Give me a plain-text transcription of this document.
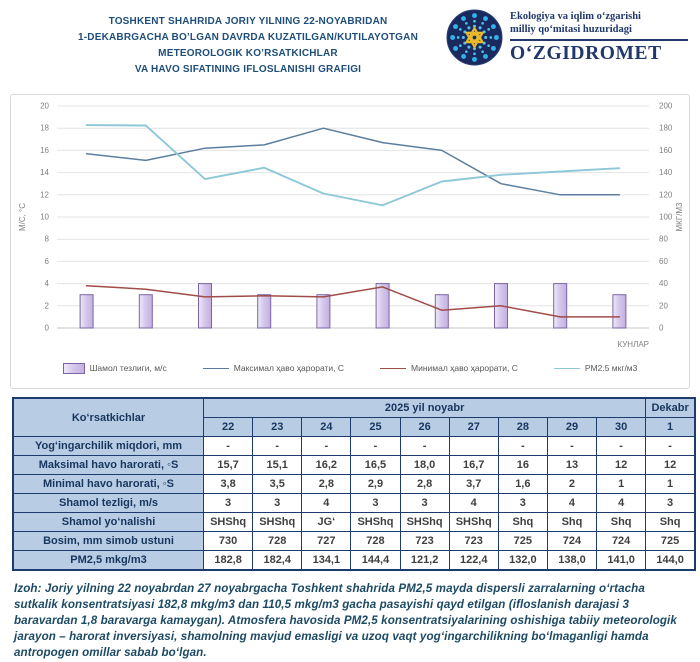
TOSHKENT SHAHRIDA JORIY YILNING 22-NOYABRIDAN
1-DEKABRGACHA BO’LGAN DAVRDA KUZATILGAN/KUTILAYOTGAN
METEOROLOGIK KO’RSATKICHLAR
VA HAVO SIFATINING IFLOSLANISHI GRAFIGI
Ekologiya va iqlim o‘zgarishi
milliy qo‘mitasi huzuridagi
O‘ZGIDROMET
0
2
4
6
8
10
12
14
16
18
20
0
20
40
60
80
100
120
140
160
180
200
М/С, °С	МКГ/М3
КУНЛАР
Шамол тезлиги, м/с	Максимал ҳаво ҳарорати, С	Минимал ҳаво ҳарорати, С	PM2.5 мкг/м3
Ko‘rsatkichlar	2025 yil noyabr									Dekabr
	22	23	24	25	26	27	28	29	30	1
Yog‘ingarchilik miqdori, mm	-	-	-	-	-		-	-	-	-
Maksimal havo harorati, ◦S	15,7	15,1	16,2	16,5	18,0	16,7	16	13	12	12
Minimal havo harorati, ◦S	3,8	3,5	2,8	2,9	2,8	3,7	1,6	2	1	1
Shamol tezligi, m/s	3	3	4	3	3	4	3	4	4	3
Shamol yo‘nalishi	SHShq	SHShq	JG‘	SHShq	SHShq	SHShq	Shq	Shq	Shq	Shq
Bosim, mm simob ustuni	730	728	727	728	723	723	725	724	724	725
PM2,5 mkg/m3	182,8	182,4	134,1	144,4	121,2	122,4	132,0	138,0	141,0	144,0
Izoh: Joriy yilning 22 noyabrdan 27 noyabrgacha Toshkent shahrida PM2,5 mayda dispersli zarralarning o‘rtacha sutkalik konsentratsiyasi 182,8 mkg/m3 dan 110,5 mkg/m3 gacha pasayishi qayd etilgan (ifloslanish darajasi 3 baravardan 1,8 baravarga kamaygan). Atmosfera havosida PM2,5 konsentratsiyalarining oshishiga tabiiy meteorologik jarayon – harorat inversiyasi, shamolning mavjud emasligi va uzoq vaqt yog‘ingarchilikning bo‘lmaganligi hamda antropogen omillar sabab bo‘lgan.
